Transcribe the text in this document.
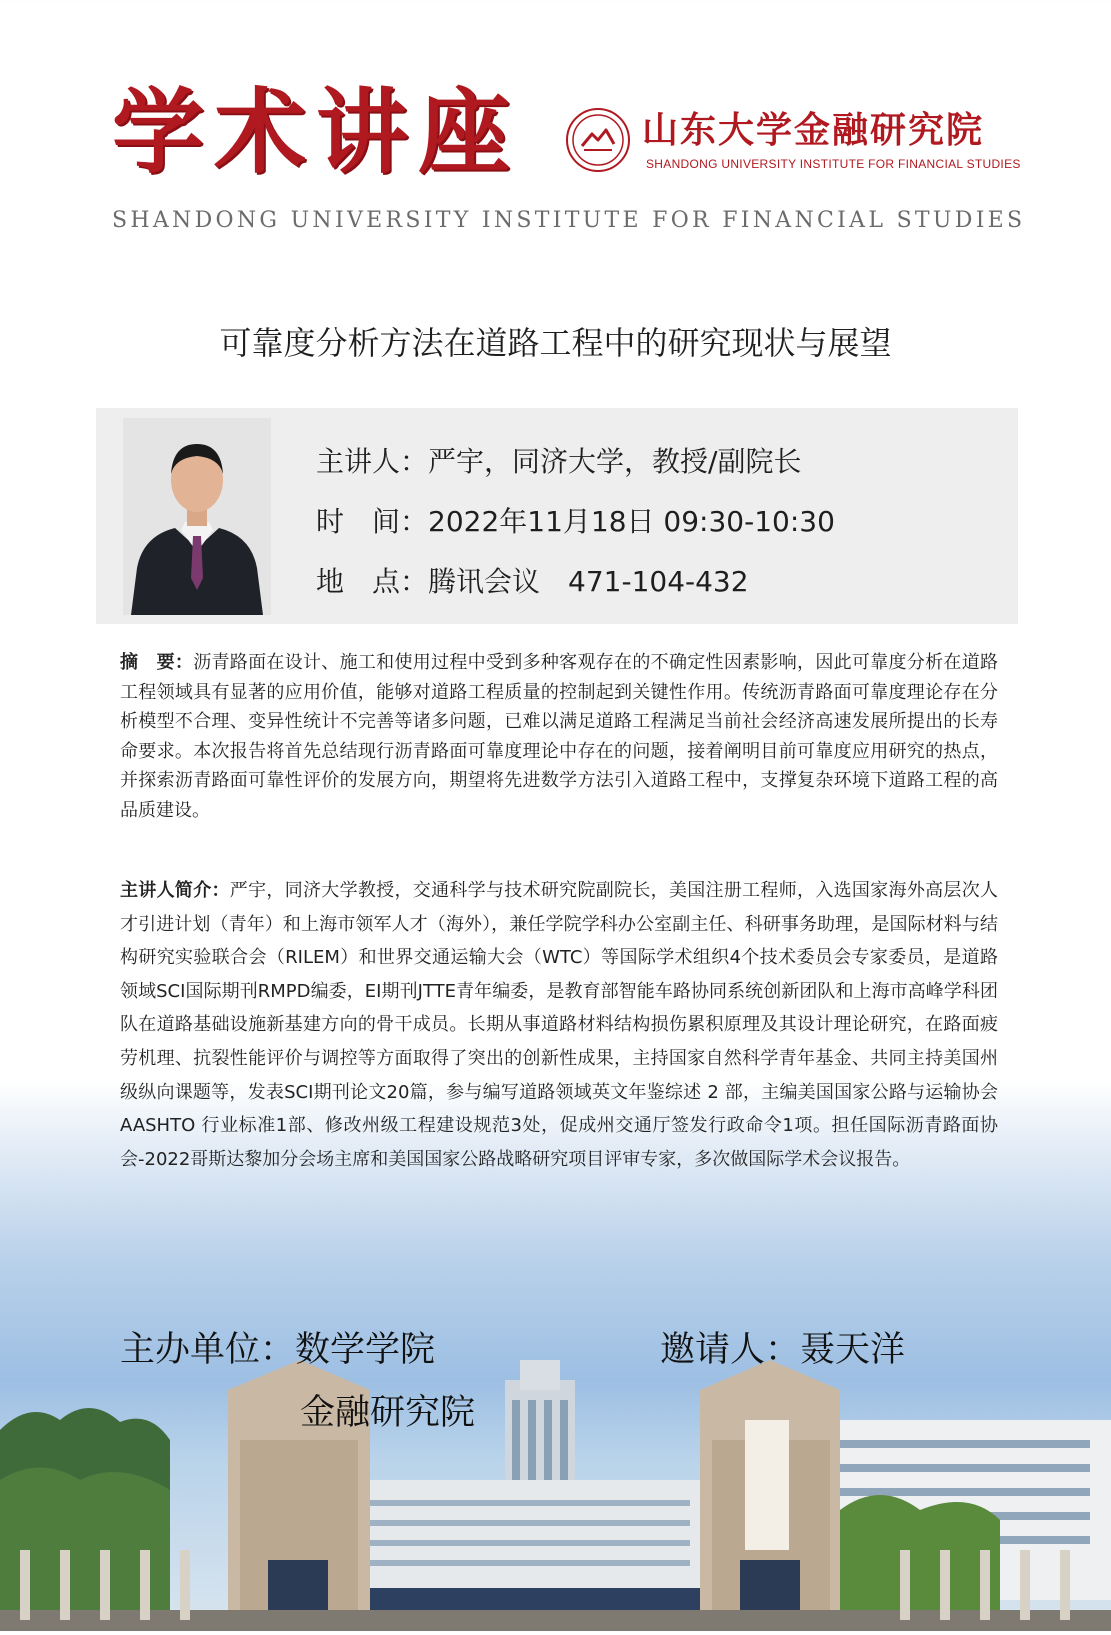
学术讲座	山东大学金融研究院
SHANDONG UNIVERSITY INSTITUTE FOR FINANCIAL STUDIES
SHANDONG UNIVERSITY INSTITUTE FOR FINANCIAL STUDIES
可靠度分析方法在道路工程中的研究现状与展望
主讲人：严宇，同济大学，教授/副院长
时　间：2022年11月18日 09:30-10:30
地　点：腾讯会议　471-104-432

摘　要：沥青路面在设计、施工和使用过程中受到多种客观存在的不确定性因素影响，因此可靠度分析在道路工程领域具有显著的应用价值，能够对道路工程质量的控制起到关键性作用。传统沥青路面可靠度理论存在分析模型不合理、变异性统计不完善等诸多问题，已难以满足道路工程满足当前社会经济高速发展所提出的长寿命要求。本次报告将首先总结现行沥青路面可靠度理论中存在的问题，接着阐明目前可靠度应用研究的热点，并探索沥青路面可靠性评价的发展方向，期望将先进数学方法引入道路工程中，支撑复杂环境下道路工程的高品质建设。

主讲人简介：严宇，同济大学教授，交通科学与技术研究院副院长，美国注册工程师，入选国家海外高层次人才引进计划（青年）和上海市领军人才（海外），兼任学院学科办公室副主任、科研事务助理，是国际材料与结构研究实验联合会（RILEM）和世界交通运输大会（WTC）等国际学术组织4个技术委员会专家委员，是道路领域SCI国际期刊RMPD编委，EI期刊JTTE青年编委，是教育部智能车路协同系统创新团队和上海市高峰学科团队在道路基础设施新基建方向的骨干成员。长期从事道路材料结构损伤累积原理及其设计理论研究，在路面疲劳机理、抗裂性能评价与调控等方面取得了突出的创新性成果，主持国家自然科学青年基金、共同主持美国州级纵向课题等，发表SCI期刊论文20篇，参与编写道路领域英文年鉴综述 2 部，主编美国国家公路与运输协会AASHTO 行业标准1部、修改州级工程建设规范3处，促成州交通厅签发行政命令1项。担任国际沥青路面协会-2022哥斯达黎加分会场主席和美国国家公路战略研究项目评审专家，多次做国际学术会议报告。

主办单位：数学学院
金融研究院
邀请人：聂天洋
